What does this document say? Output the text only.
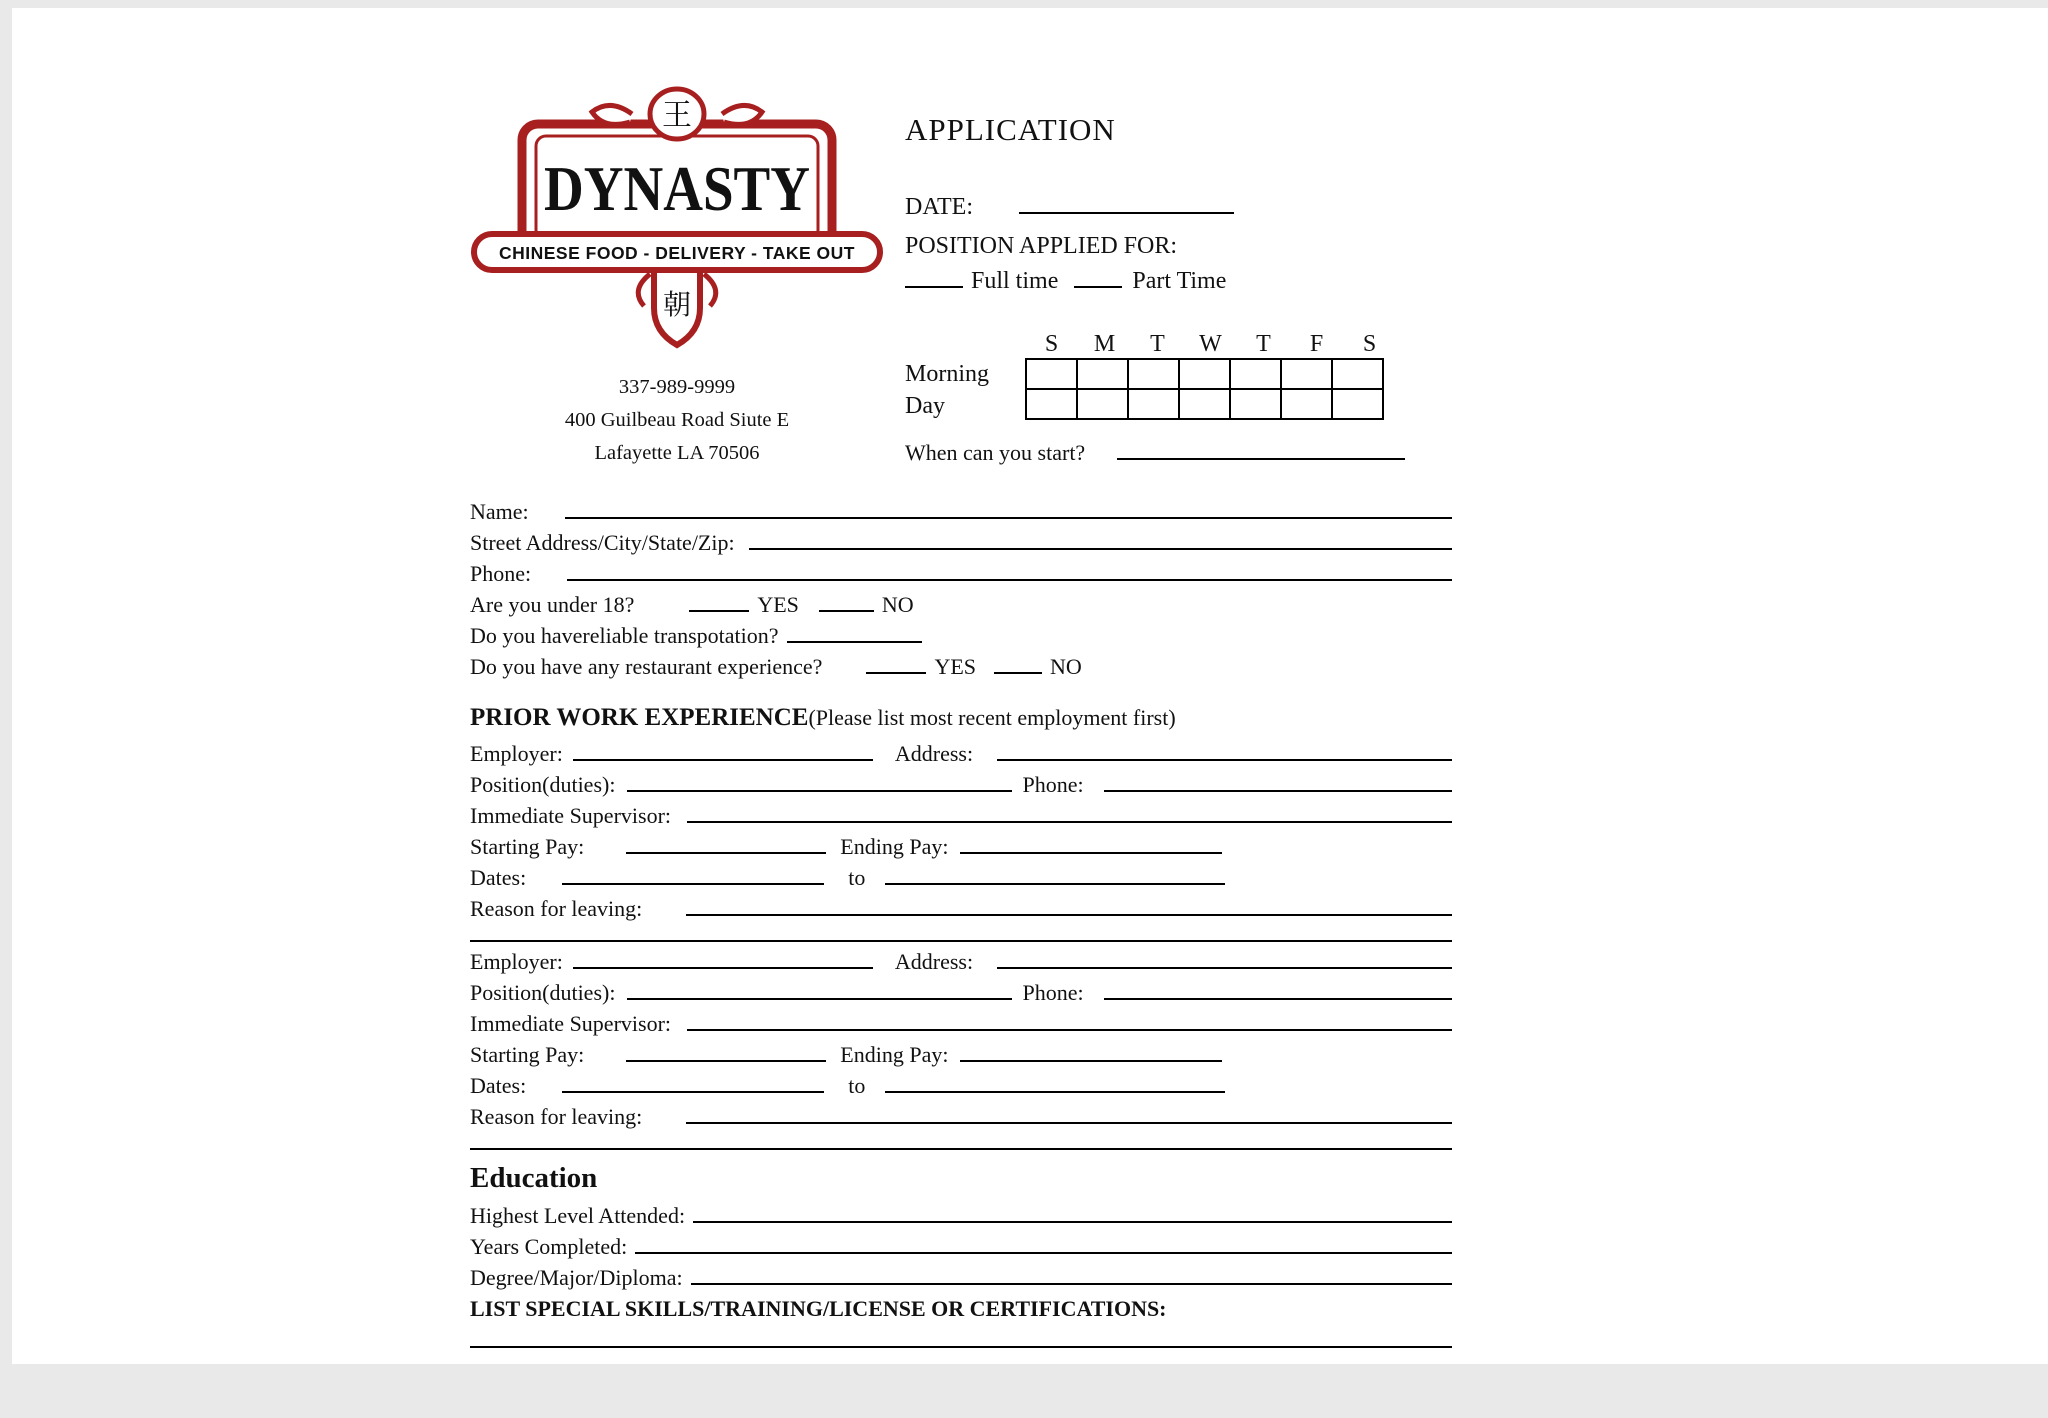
DYNASTY
王
CHINESE FOOD - DELIVERY - TAKE OUT
朝
337-989-9999
400 Guilbeau Road Siute E
Lafayette LA 70506
APPLICATION
DATE:
POSITION APPLIED FOR:
Full time	Part Time
S	M	T	W	T	F	S
Morning
Day

When can you start?
Name:
Street Address/City/State/Zip:
Phone:
Are you under 18?	YES	NO
Do you havereliable transpotation?
Do you have any restaurant experience?	YES	NO
PRIOR WORK EXPERIENCE(Please list most recent employment first)
Employer:	Address:
Position(duties):	Phone:
Immediate Supervisor:
Starting Pay:	Ending Pay:
Dates:	to
Reason for leaving:
Employer:	Address:
Position(duties):	Phone:
Immediate Supervisor:
Starting Pay:	Ending Pay:
Dates:	to
Reason for leaving:
Education
Highest Level Attended:
Years Completed:
Degree/Major/Diploma:
LIST SPECIAL SKILLS/TRAINING/LICENSE OR CERTIFICATIONS:
